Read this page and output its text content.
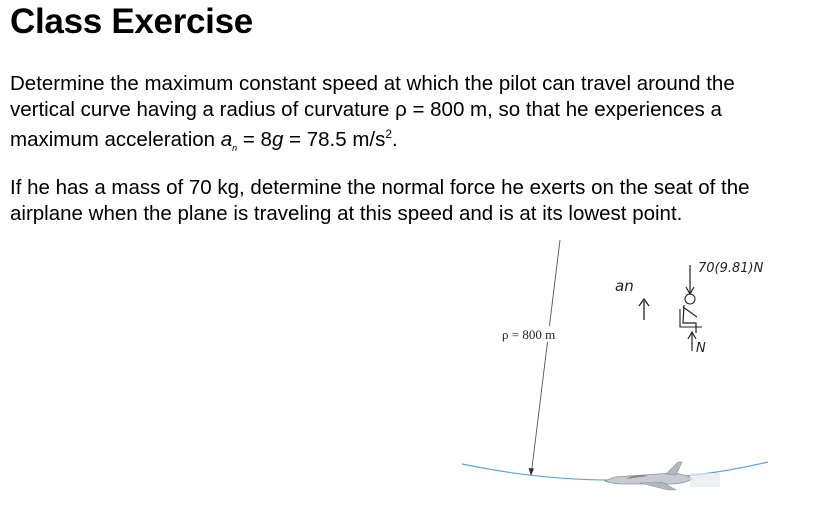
Class Exercise

Determine the maximum constant speed at which the pilot can travel around the
vertical curve having a radius of curvature ρ = 800 m, so that he experiences a
maximum acceleration $a_n = 8g = 78.5$ $m/s^2$.

If he has a mass of 70 kg, determine the normal force he exerts on the seat of the
airplane when the plane is traveling at this speed and is at its lowest point.

ρ = 800 m
an
70(9.81)N
N
